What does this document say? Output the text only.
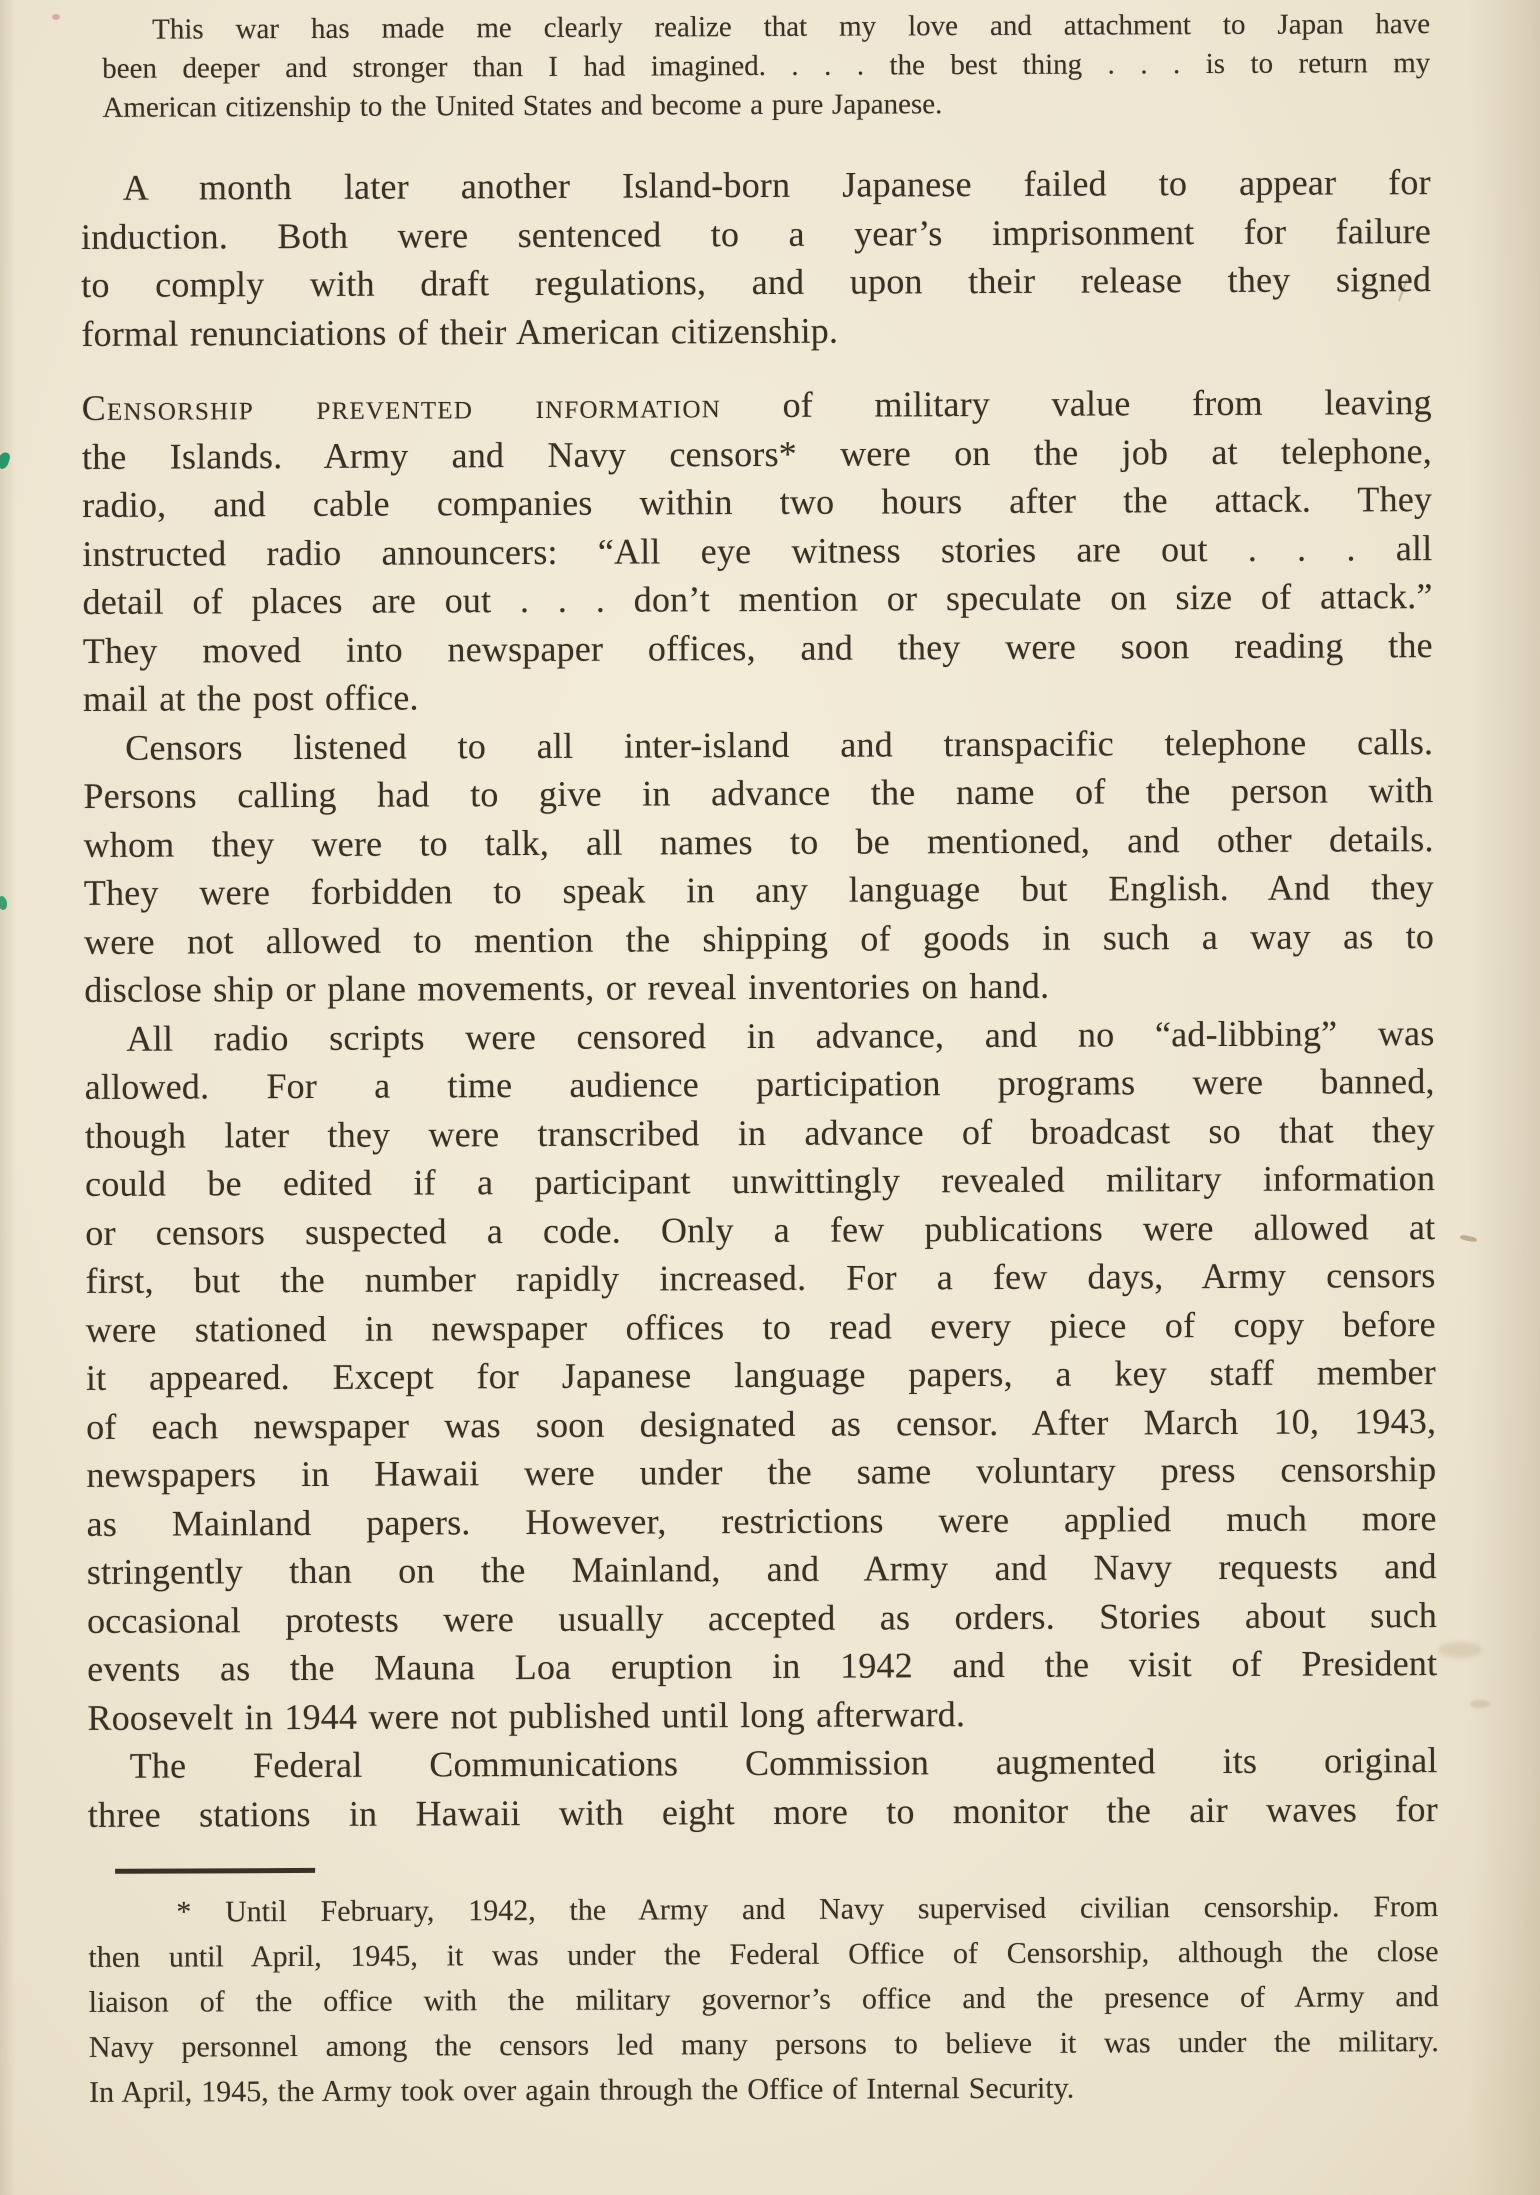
This war has made me clearly realize that my love and attachment to Japan have
been deeper and stronger than I had imagined. . . . the best thing . . . is to return my
American citizenship to the United States and become a pure Japanese.
A month later another Island-born Japanese failed to appear for
induction. Both were sentenced to a year’s imprisonment for failure
to comply with draft regulations, and upon their release they signed
formal renunciations of their American citizenship.
Censorship prevented information of military value from leaving
the Islands. Army and Navy censors* were on the job at telephone,
radio, and cable companies within two hours after the attack. They
instructed radio announcers: “All eye witness stories are out . . . all
detail of places are out . . . don’t mention or speculate on size of attack.”
They moved into newspaper offices, and they were soon reading the
mail at the post office.
Censors listened to all inter-island and transpacific telephone calls.
Persons calling had to give in advance the name of the person with
whom they were to talk, all names to be mentioned, and other details.
They were forbidden to speak in any language but English. And they
were not allowed to mention the shipping of goods in such a way as to
disclose ship or plane movements, or reveal inventories on hand.
All radio scripts were censored in advance, and no “ad-libbing” was
allowed. For a time audience participation programs were banned,
though later they were transcribed in advance of broadcast so that they
could be edited if a participant unwittingly revealed military information
or censors suspected a code. Only a few publications were allowed at
first, but the number rapidly increased. For a few days, Army censors
were stationed in newspaper offices to read every piece of copy before
it appeared. Except for Japanese language papers, a key staff member
of each newspaper was soon designated as censor. After March 10, 1943,
newspapers in Hawaii were under the same voluntary press censorship
as Mainland papers. However, restrictions were applied much more
stringently than on the Mainland, and Army and Navy requests and
occasional protests were usually accepted as orders. Stories about such
events as the Mauna Loa eruption in 1942 and the visit of President
Roosevelt in 1944 were not published until long afterward.
The Federal Communications Commission augmented its original
three stations in Hawaii with eight more to monitor the air waves for
* Until February, 1942, the Army and Navy supervised civilian censorship. From
then until April, 1945, it was under the Federal Office of Censorship, although the close
liaison of the office with the military governor’s office and the presence of Army and
Navy personnel among the censors led many persons to believe it was under the military.
In April, 1945, the Army took over again through the Office of Internal Security.
